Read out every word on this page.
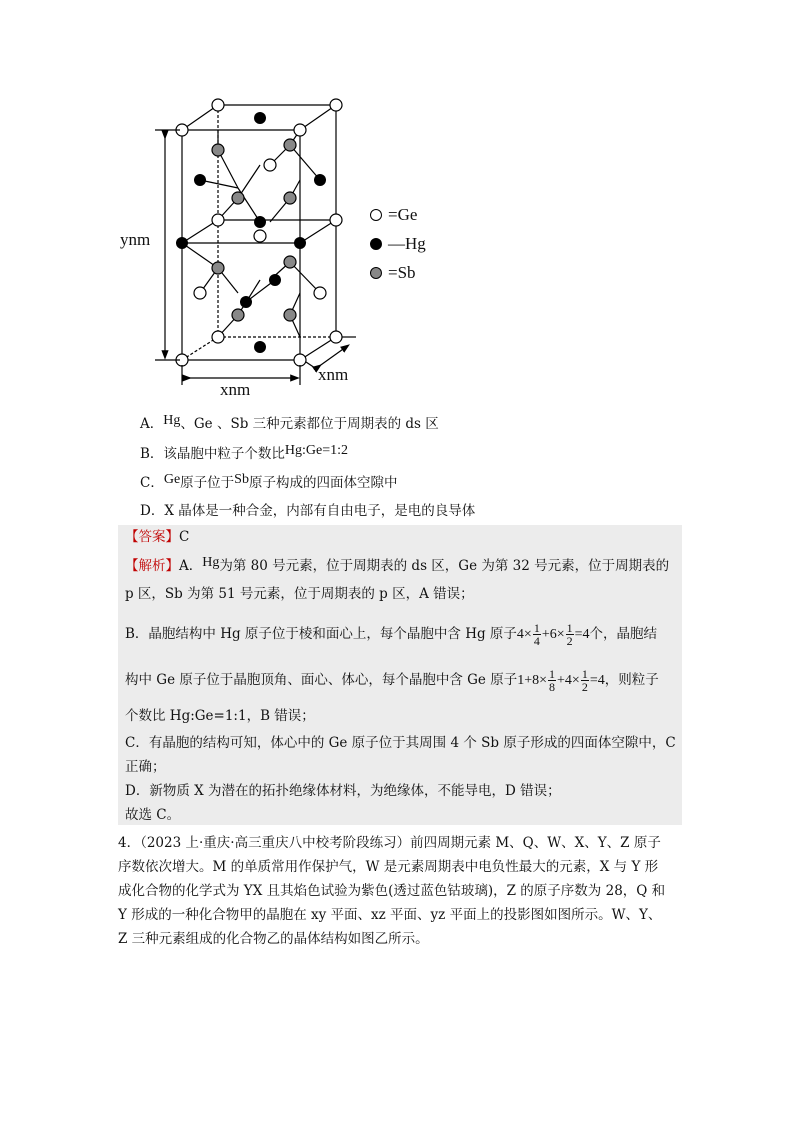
ynm
xnm
xnm
=Ge
—Hg
=Sb
A．Hg、Ge 、Sb 三种元素都位于周期表的 ds 区
B．该晶胞中粒子个数比Hg:Ge=1:2
C．Ge原子位于Sb原子构成的四面体空隙中
D．X 晶体是一种合金，内部有自由电子，是电的良导体
【答案】C
【解析】A．Hg为第 80 号元素，位于周期表的 ds 区，Ge 为第 32 号元素，位于周期表的
p 区，Sb 为第 51 号元素，位于周期表的 p 区，A 错误；
B．晶胞结构中 Hg 原子位于棱和面心上，每个晶胞中含 Hg 原子$4\times \frac{1}{4} +6\times \frac{1}{2} =4$个，晶胞结
构中 Ge 原子位于晶胞顶角、面心、体心，每个晶胞中含 Ge 原子$1+8\times \frac{1}{8} +4\times \frac{1}{2} =4$，则粒子
个数比 Hg:Ge=1:1，B 错误；
C．有晶胞的结构可知，体心中的 Ge 原子位于其周围 4 个 Sb 原子形成的四面体空隙中，C
正确；
D．新物质 X 为潜在的拓扑绝缘体材料，为绝缘体，不能导电，D 错误；
故选 C。
4．（2023 上·重庆·高三重庆八中校考阶段练习）前四周期元素 M、Q、W、X、Y、Z 原子
序数依次增大。M 的单质常用作保护气，W 是元素周期表中电负性最大的元素，X 与 Y 形
成化合物的化学式为 YX 且其焰色试验为紫色(透过蓝色钴玻璃)，Z 的原子序数为 28，Q 和
Y 形成的一种化合物甲的晶胞在 xy 平面、xz 平面、yz 平面上的投影图如图所示。W、Y、
Z 三种元素组成的化合物乙的晶体结构如图乙所示。
